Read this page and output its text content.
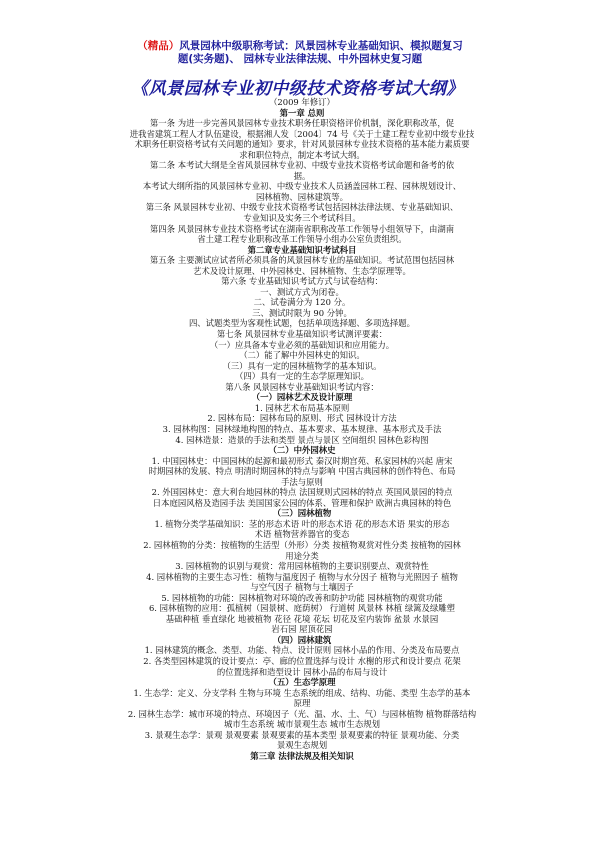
（精品）风景园林中级职称考试：风景园林专业基础知识、模拟题复习
题(实务题)、 园林专业法律法规、中外园林史复习题
《风景园林专业初中级技术资格考试大纲》
（2009 年修订）
第一章 总则
第一条 为进一步完善风景园林专业技术职务任职资格评价机制，深化职称改革，促
进我省建筑工程人才队伍建设，根据湘人发〔2004〕74 号《关于土建工程专业初中级专业技
术职务任职资格考试有关问题的通知》要求，针对风景园林专业技术资格的基本能力素质要
求和职位特点，制定本考试大纲。
第二条 本考试大纲是全省风景园林专业初、中级专业技术资格考试命题和备考的依
据。
本考试大纲所指的风景园林专业初、中级专业技术人员涵盖园林工程、园林规划设计、
园林植物、园林建筑等。
第三条 风景园林专业初、中级专业技术资格考试包括园林法律法规、专业基础知识、
专业知识及实务三个考试科目。
第四条 风景园林专业技术资格考试在湖南省职称改革工作领导小组领导下，由湖南
省土建工程专业职称改革工作领导小组办公室负责组织。
第二章专业基础知识考试科目
第五条 主要测试应试者所必须具备的风景园林专业的基础知识。考试范围包括园林
艺术及设计原理、中外园林史、园林植物、生态学原理等。
第六条 专业基础知识考试方式与试卷结构：
一、测试方式为闭卷。
二、试卷满分为 120 分。
三、测试时限为 90 分钟。
四、试题类型为客观性试题，包括单项选择题、多项选择题。
第七条 风景园林专业基础知识考试测评要素：
（一）应具备本专业必须的基础知识和应用能力。
（二）能了解中外园林史的知识。
（三）具有一定的园林植物学的基本知识。
（四）具有一定的生态学原理知识。
第八条 风景园林专业基础知识考试内容：
（一）园林艺术及设计原理
1. 园林艺术布局基本原则
2. 园林布局：园林布局的原则、形式 园林设计方法
3. 园林构图：园林绿地构图的特点、基本要求、基本规律、基本形式及手法
4. 园林造景：造景的手法和类型 景点与景区 空间组织 园林色彩构图
（二）中外园林史
1. 中国园林史：中国园林的起源和最初形式 秦汉时期宫苑、私家园林的兴起 唐宋
时期园林的发展、特点 明清时期园林的特点与影响 中国古典园林的创作特色、布局
手法与原则
2. 外国园林史：意大利台地园林的特点 法国规则式园林的特点 英国风景园的特点
日本庭园风格及造园手法 美国国家公园的体系、管理和保护 欧洲古典园林的特色
（三）园林植物
1. 植物分类学基础知识：茎的形态术语 叶的形态术语 花的形态术语 果实的形态
术语 植物营养器官的变态
2. 园林植物的分类：按植物的生活型（外形）分类 按植物观赏对性分类 按植物的园林
用途分类
3. 园林植物的识别与观赏：常用园林植物的主要识别要点、观赏特性
4. 园林植物的主要生态习性：植物与温度因子 植物与水分因子 植物与光照因子 植物
与空气因子 植物与土壤因子
5. 园林植物的功能：园林植物对环境的改善和防护功能 园林植物的观赏功能
6. 园林植物的应用：孤植树（园景树、庭荫树） 行道树 风景林 林植 绿篱及绿雕塑
基础种植 垂直绿化 地被植物 花径 花境 花坛 切花及室内装饰 盆景 水景园
岩石园 屋顶花园
（四）园林建筑
1. 园林建筑的概念、类型、功能、特点、设计原则 园林小品的作用、分类及布局要点
2. 各类型园林建筑的设计要点：亭、廊的位置选择与设计 水榭的形式和设计要点 花架
的位置选择和造型设计 园林小品的布局与设计
（五）生态学原理
1. 生态学：定义、分支学科 生物与环境 生态系统的组成、结构、功能、类型 生态学的基本
原理
2. 园林生态学：城市环境的特点、环境因子（光、温、水、土、气）与园林植物 植物群落结构
城市生态系统 城市景观生态 城市生态规划
3. 景观生态学：景观 景观要素 景观要素的基本类型 景观要素的特征 景观功能、分类
景观生态规划
第三章 法律法规及相关知识
